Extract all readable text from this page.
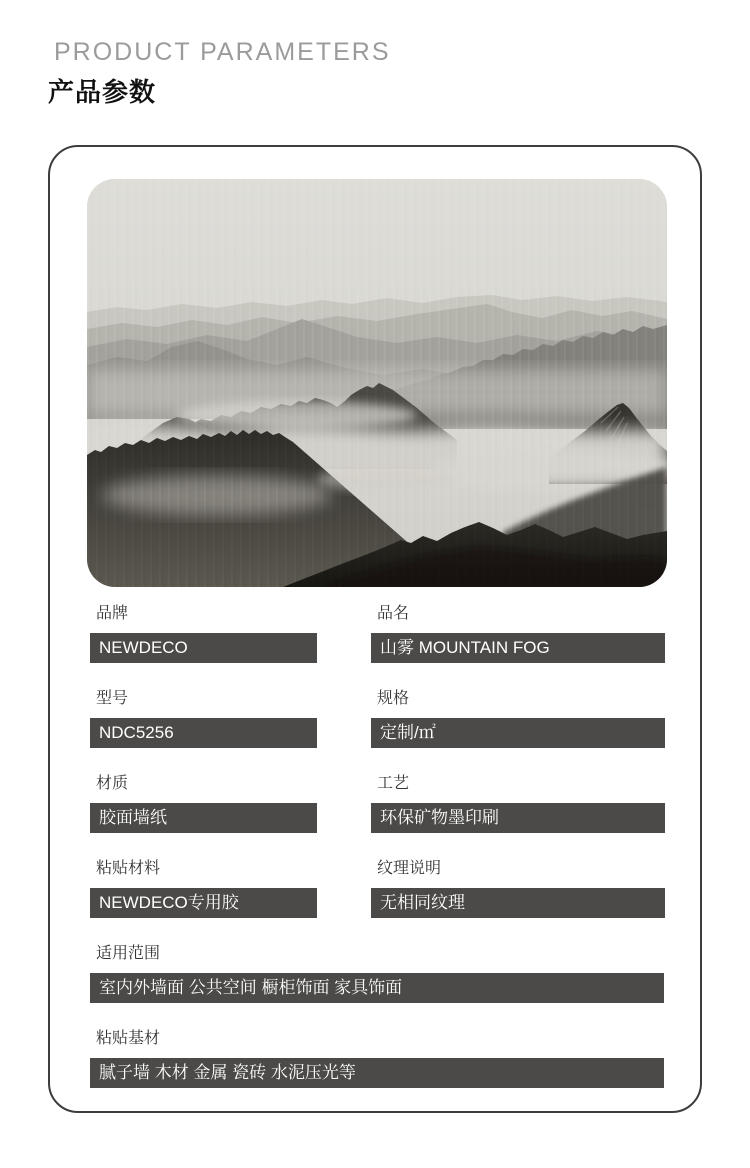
PRODUCT PARAMETERS
产品参数
品牌
NEWDECO
品名
山雾 MOUNTAIN FOG
型号
NDC5256
规格
定制/㎡
材质
胶面墙纸
工艺
环保矿物墨印刷
粘贴材料
NEWDECO专用胶
纹理说明
无相同纹理
适用范围
室内外墙面 公共空间 橱柜饰面 家具饰面
粘贴基材
腻子墙 木材 金属 瓷砖 水泥压光等
